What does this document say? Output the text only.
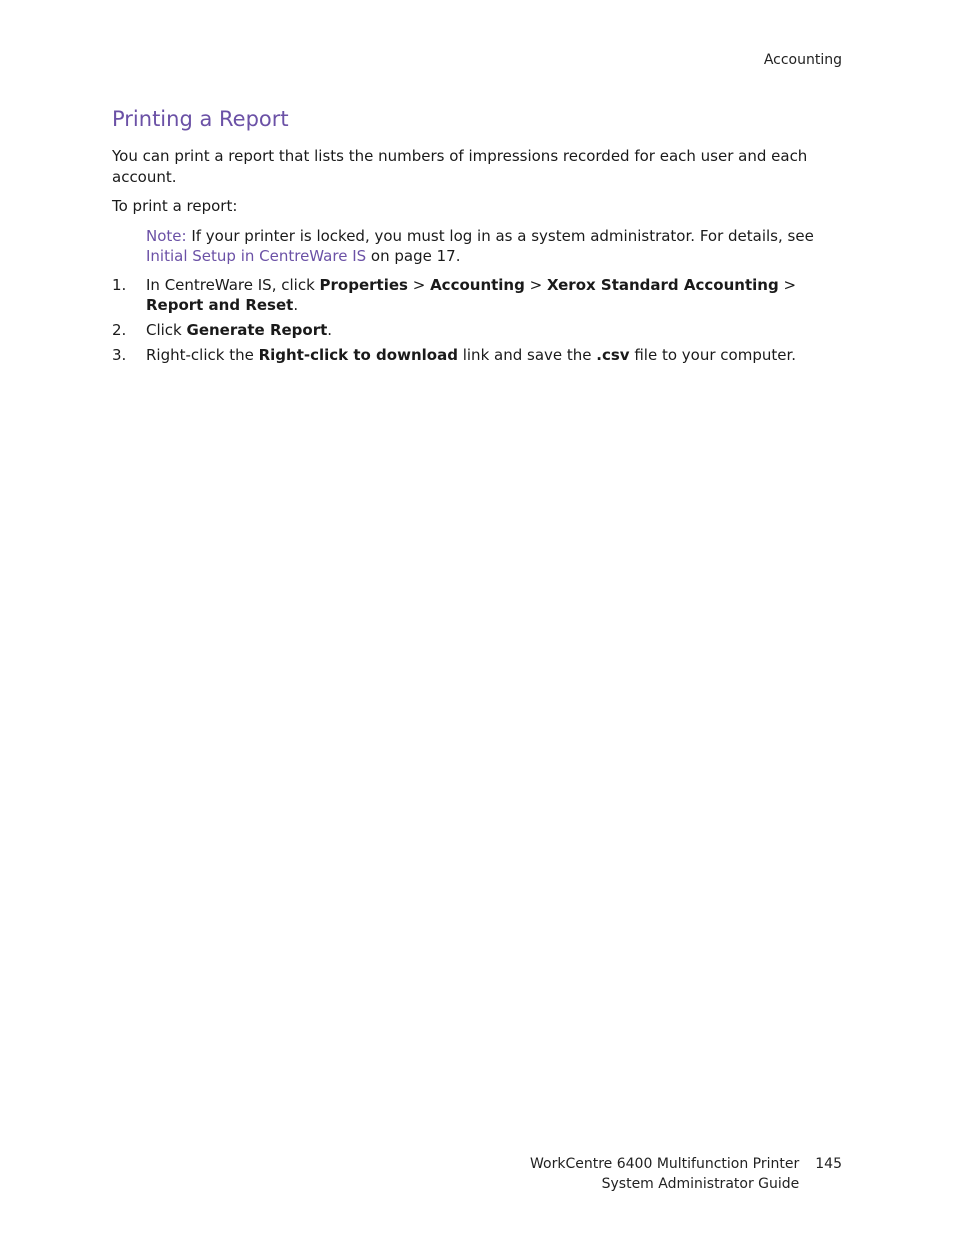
Accounting
Printing a Report

You can print a report that lists the numbers of impressions recorded for each user and each account.

To print a report:

Note: If your printer is locked, you must log in as a system administrator. For details, see Initial Setup in CentreWare IS on page 17.
1. In CentreWare IS, click Properties > Accounting > Xerox Standard Accounting > Report and Reset.
2. Click Generate Report.
3. Right-click the Right-click to download link and save the .csv file to your computer.
WorkCentre 6400 Multifunction Printer
System Administrator Guide
145
